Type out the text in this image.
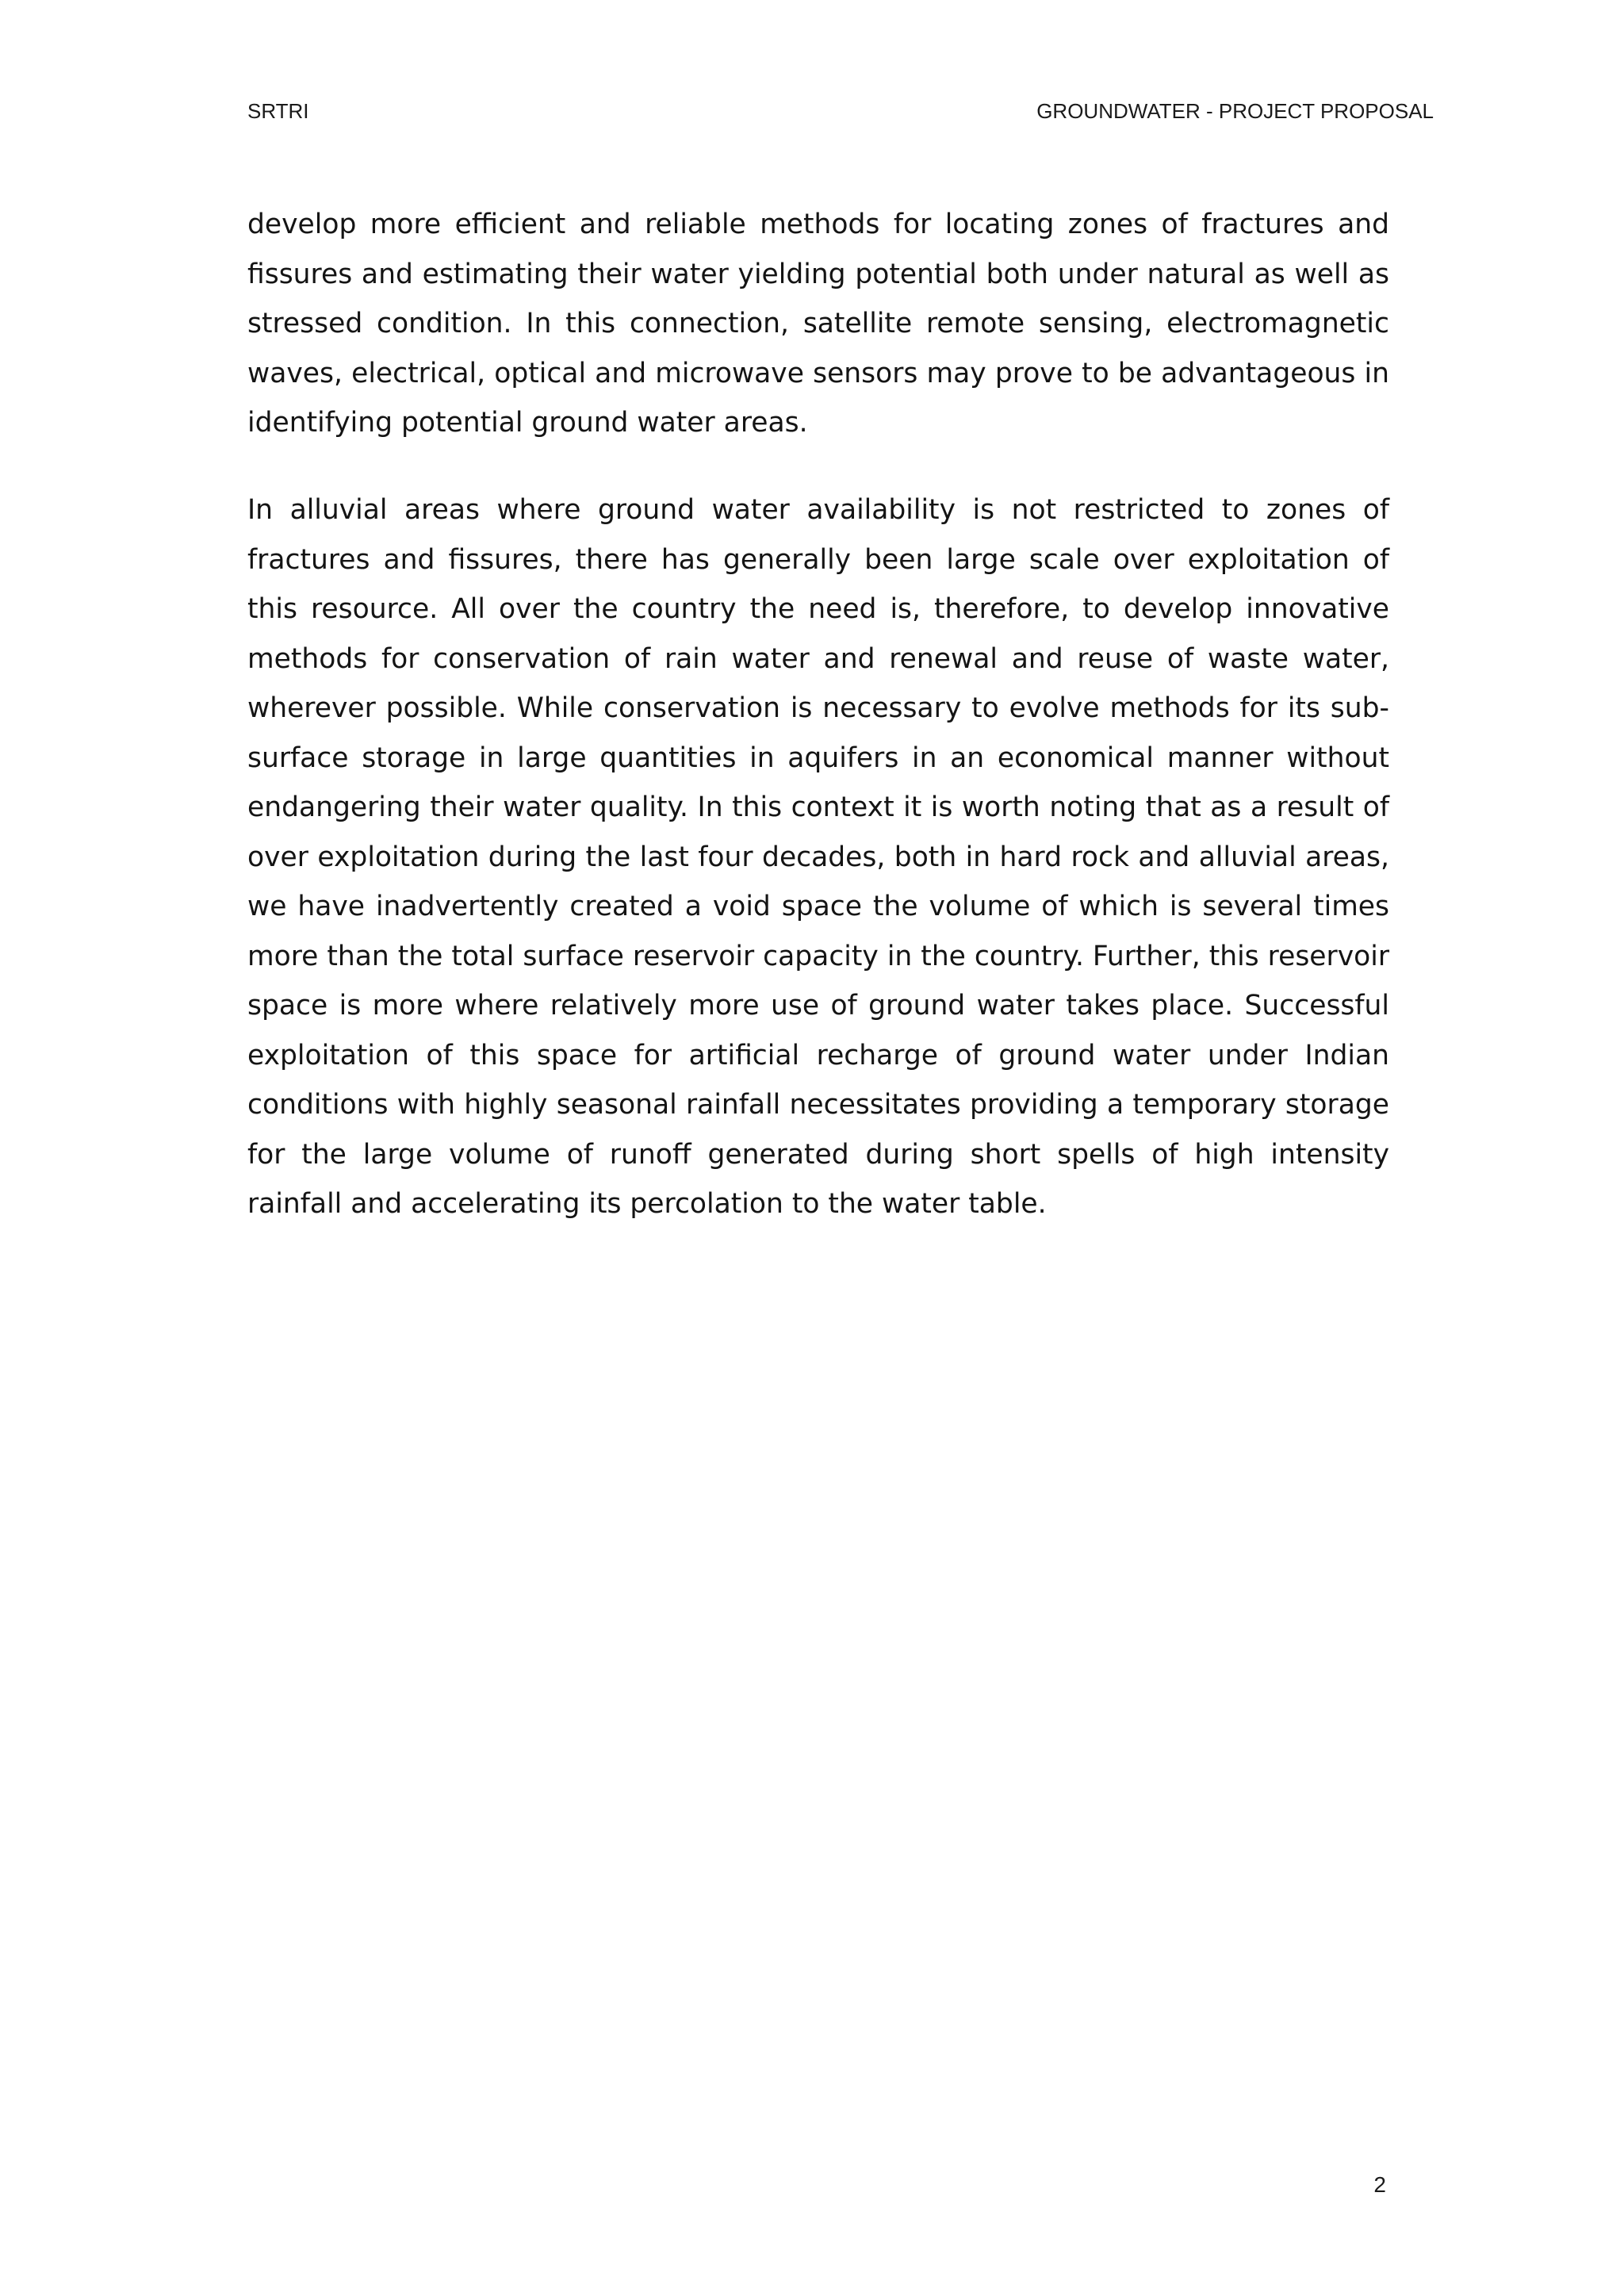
SRTRI	GROUNDWATER - PROJECT PROPOSAL

develop more efficient and reliable methods for locating zones of fractures and fissures and estimating their water yielding potential both under natural as well as stressed condition. In this connection, satellite remote sensing, electromagnetic waves, electrical, optical and microwave sensors may prove to be advantageous in identifying potential ground water areas.

In alluvial areas where ground water availability is not restricted to zones of fractures and fissures, there has generally been large scale over exploitation of this resource. All over the country the need is, therefore, to develop innovative methods for conservation of rain water and renewal and reuse of waste water, wherever possible. While conservation is necessary to evolve methods for its sub-surface storage in large quantities in aquifers in an economical manner without endangering their water quality. In this context it is worth noting that as a result of over exploitation during the last four decades, both in hard rock and alluvial areas, we have inadvertently created a void space the volume of which is several times more than the total surface reservoir capacity in the country. Further, this reservoir space is more where relatively more use of ground water takes place. Successful exploitation of this space for artificial recharge of ground water under Indian conditions with highly seasonal rainfall necessitates providing a temporary storage for the large volume of runoff generated during short spells of high intensity rainfall and accelerating its percolation to the water table.

2
